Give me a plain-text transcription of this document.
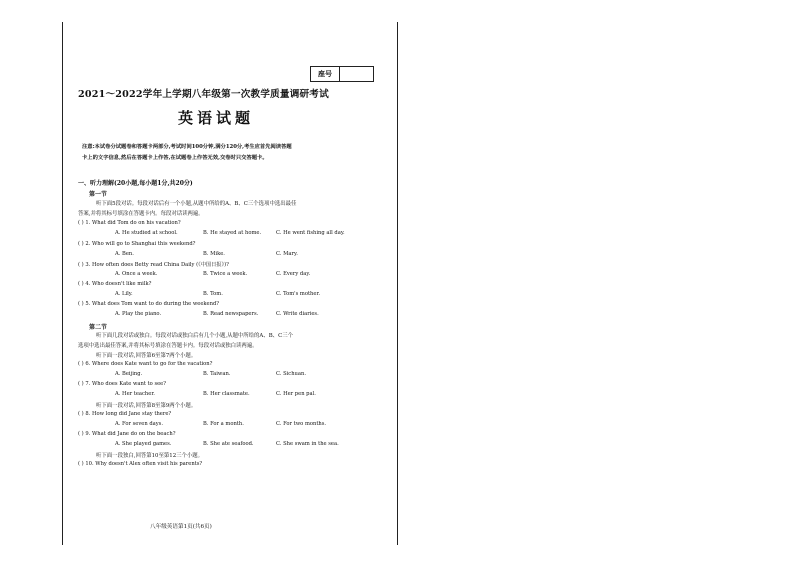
座号
2021～2022学年上学期八年级第一次教学质量调研考试
英语试题
注意:本试卷分试题卷和答题卡两部分,考试时间100分钟,满分120分,考生应首先阅读答题
卡上的文字信息,然后在答题卡上作答,在试题卷上作答无效,交卷时只交答题卡。
一、听力理解(20小题,每小题1分,共20分)
第一节
听下面5段对话。每段对话后有一个小题,从题中所给的A、B、C三个选项中选出最佳
答案,并将其标号填涂在答题卡内。每段对话读两遍。
( ) 1. What did Tom do on his vacation?
A. He studied at school.	B. He stayed at home.	C. He went fishing all day.
( ) 2. Who will go to Shanghai this weekend?
A. Ben.	B. Mike.	C. Mary.
( ) 3. How often does Betty read China Daily (《中国日报》)?
A. Once a week.	B. Twice a week.	C. Every day.
( ) 4. Who doesn't like milk?
A. Lily.	B. Tom.	C. Tom's mother.
( ) 5. What does Tom want to do during the weekend?
A. Play the piano.	B. Read newspapers.	C. Write diaries.
第二节
听下面几段对话或独白。每段对话或独白后有几个小题,从题中所给的A、B、C三个
选项中选出最佳答案,并将其标号填涂在答题卡内。每段对话或独白读两遍。
听下面一段对话,回答第6至第7两个小题。
( ) 6. Where does Kate want to go for the vacation?
A. Beijing.	B. Taiwan.	C. Sichuan.
( ) 7. Who does Kate want to see?
A. Her teacher.	B. Her classmate.	C. Her pen pal.
听下面一段对话,回答第8至第9两个小题。
( ) 8. How long did Jane stay there?
A. For seven days.	B. For a month.	C. For two months.
( ) 9. What did Jane do on the beach?
A. She played games.	B. She ate seafood.	C. She swam in the sea.
听下面一段独白,回答第10至第12三个小题。
( ) 10. Why doesn't Alex often visit his parents?
八年级英语第1页(共6页)
